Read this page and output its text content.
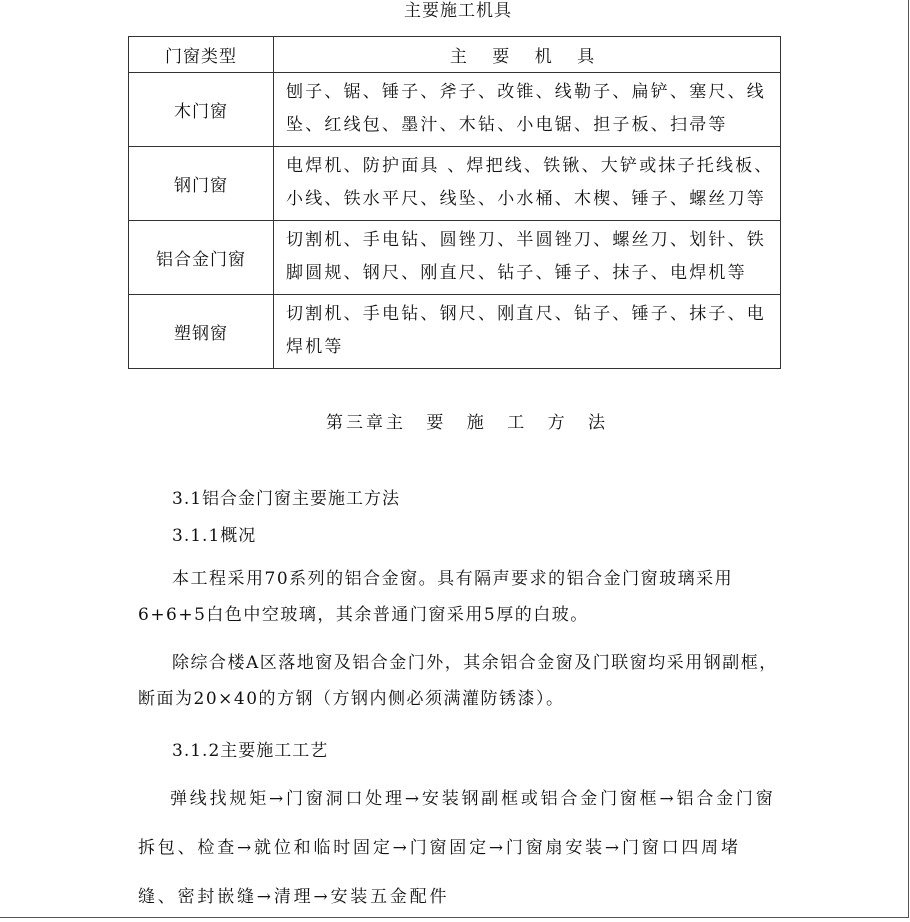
主要施工机具
门窗类型	主 要 机 具
木门窗	刨子、锯、锤子、斧子、改锥、线勒子、扁铲、塞尺、线坠、红线包、墨汁、木钻、小电锯、担子板、扫帚等
钢门窗	电焊机、防护面具 、焊把线、铁锹、大铲或抹子托线板、小线、铁水平尺、线坠、小水桶、木楔、锤子、螺丝刀等
铝合金门窗	切割机、手电钻、圆锉刀、半圆锉刀、螺丝刀、划针、铁脚圆规、钢尺、刚直尺、钻子、锤子、抹子、电焊机等
塑钢窗	切割机、手电钻、钢尺、刚直尺、钻子、锤子、抹子、电焊机等
第三章主 要 施 工 方 法
3.1铝合金门窗主要施工方法
3.1.1概况
本工程采用70系列的铝合金窗。具有隔声要求的铝合金门窗玻璃采用6+6+5白色中空玻璃，其余普通门窗采用5厚的白玻。
除综合楼A区落地窗及铝合金门外，其余铝合金窗及门联窗均采用钢副框，断面为20×40的方钢（方钢内侧必须满灌防锈漆）。
3.1.2主要施工工艺
弹线找规矩→门窗洞口处理→安装钢副框或铝合金门窗框→铝合金门窗拆包、检查→就位和临时固定→门窗固定→门窗扇安装→门窗口四周堵缝、密封嵌缝→清理→安装五金配件
